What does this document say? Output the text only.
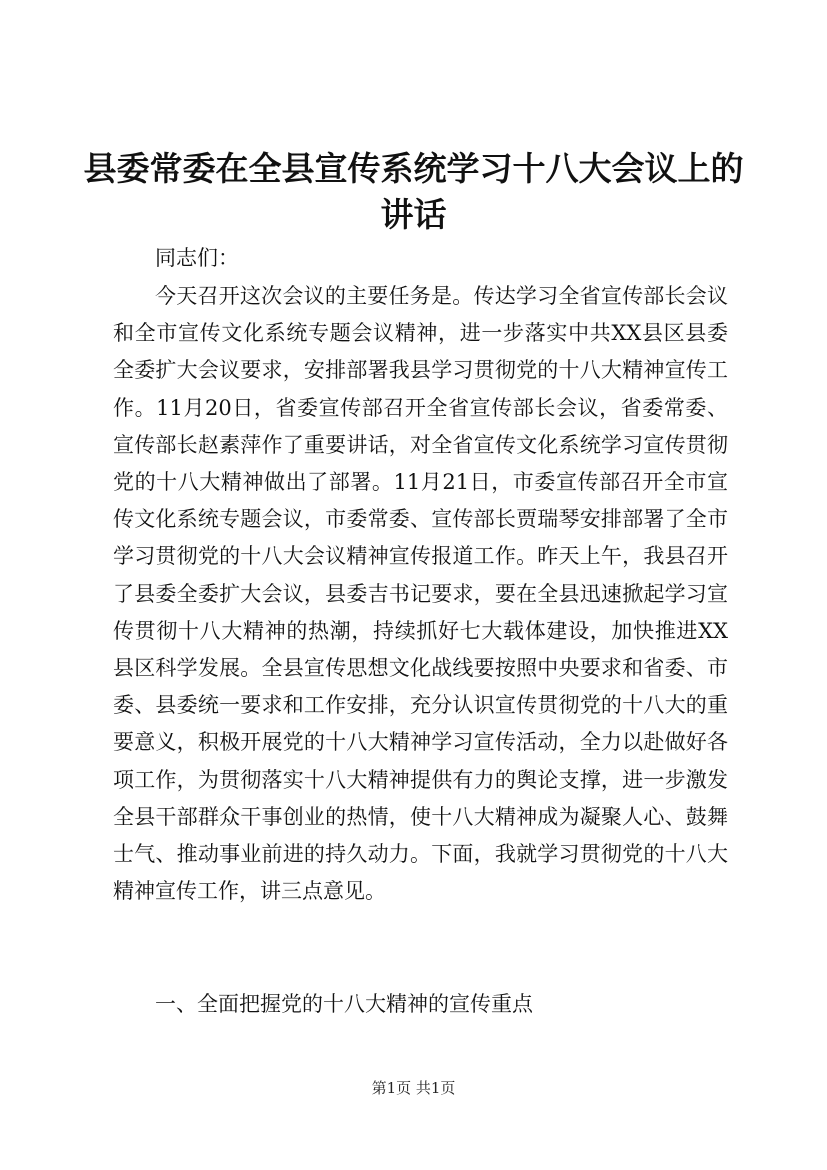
县委常委在全县宣传系统学习十八大会议上的讲话

同志们：

今天召开这次会议的主要任务是。传达学习全省宣传部长会议和全市宣传文化系统专题会议精神，进一步落实中共XX县区县委全委扩大会议要求，安排部署我县学习贯彻党的十八大精神宣传工作。11月20日，省委宣传部召开全省宣传部长会议，省委常委、宣传部长赵素萍作了重要讲话，对全省宣传文化系统学习宣传贯彻党的十八大精神做出了部署。11月21日，市委宣传部召开全市宣传文化系统专题会议，市委常委、宣传部长贾瑞琴安排部署了全市学习贯彻党的十八大会议精神宣传报道工作。昨天上午，我县召开了县委全委扩大会议，县委吉书记要求，要在全县迅速掀起学习宣传贯彻十八大精神的热潮，持续抓好七大载体建设，加快推进XX县区科学发展。全县宣传思想文化战线要按照中央要求和省委、市委、县委统一要求和工作安排，充分认识宣传贯彻党的十八大的重要意义，积极开展党的十八大精神学习宣传活动，全力以赴做好各项工作，为贯彻落实十八大精神提供有力的舆论支撑，进一步激发全县干部群众干事创业的热情，使十八大精神成为凝聚人心、鼓舞士气、推动事业前进的持久动力。下面，我就学习贯彻党的十八大精神宣传工作，讲三点意见。

一、全面把握党的十八大精神的宣传重点

第1页 共1页
